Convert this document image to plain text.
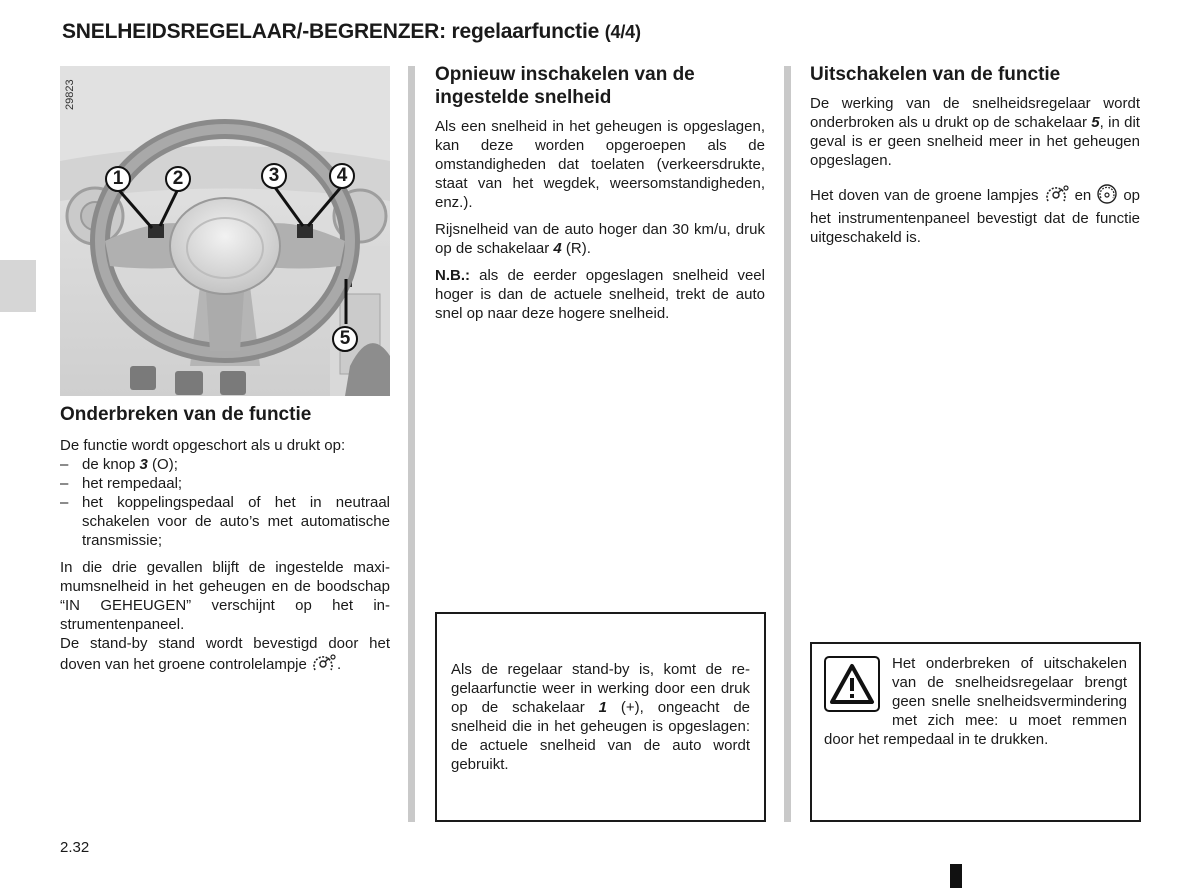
SNELHEIDSREGELAAR/-BEGRENZER: regelaarfunctie (4/4)
29823
1	2	3	4
5
Onderbreken van de functie
De functie wordt opgeschort als u drukt op:
– de knop 3 (O);
– het rempedaal;
– het koppelingspedaal of het in neutraal schakelen voor de auto’s met automatische transmissie;
In die drie gevallen blijft de ingestelde maximumsnelheid in het geheugen en de boodschap “IN GEHEUGEN” verschijnt op het instrumentenpaneel.
De stand-by stand wordt bevestigd door het doven van het groene controlelampje .
Opnieuw inschakelen van de ingestelde snelheid

Als een snelheid in het geheugen is opgeslagen, kan deze worden opgeroepen als de omstandigheden dat toelaten (verkeersdrukte, staat van het wegdek, weersomstandigheden, enz.).

Rijsnelheid van de auto hoger dan 30 km/u, druk op de schakelaar 4 (R).

N.B.: als de eerder opgeslagen snelheid veel hoger is dan de actuele snelheid, trekt de auto snel op naar deze hogere snelheid.

Als de regelaar stand-by is, komt de regelaarfunctie weer in werking door een druk op de schakelaar 1 (+), ongeacht de snelheid die in het geheugen is opgeslagen: de actuele snelheid van de auto wordt gebruikt.
Uitschakelen van de functie

De werking van de snelheidsregelaar wordt onderbroken als u drukt op de schakelaar 5, in dit geval is er geen snelheid meer in het geheugen opgeslagen.

Het doven van de groene lampjes en op het instrumentenpaneel bevestigt dat de functie uitgeschakeld is.

Het onderbreken of uitschakelen van de snelheidsregelaar brengt geen snelle snelheidsvermindering met zich mee: u moet remmen door het rempedaal in te drukken.
2.32
